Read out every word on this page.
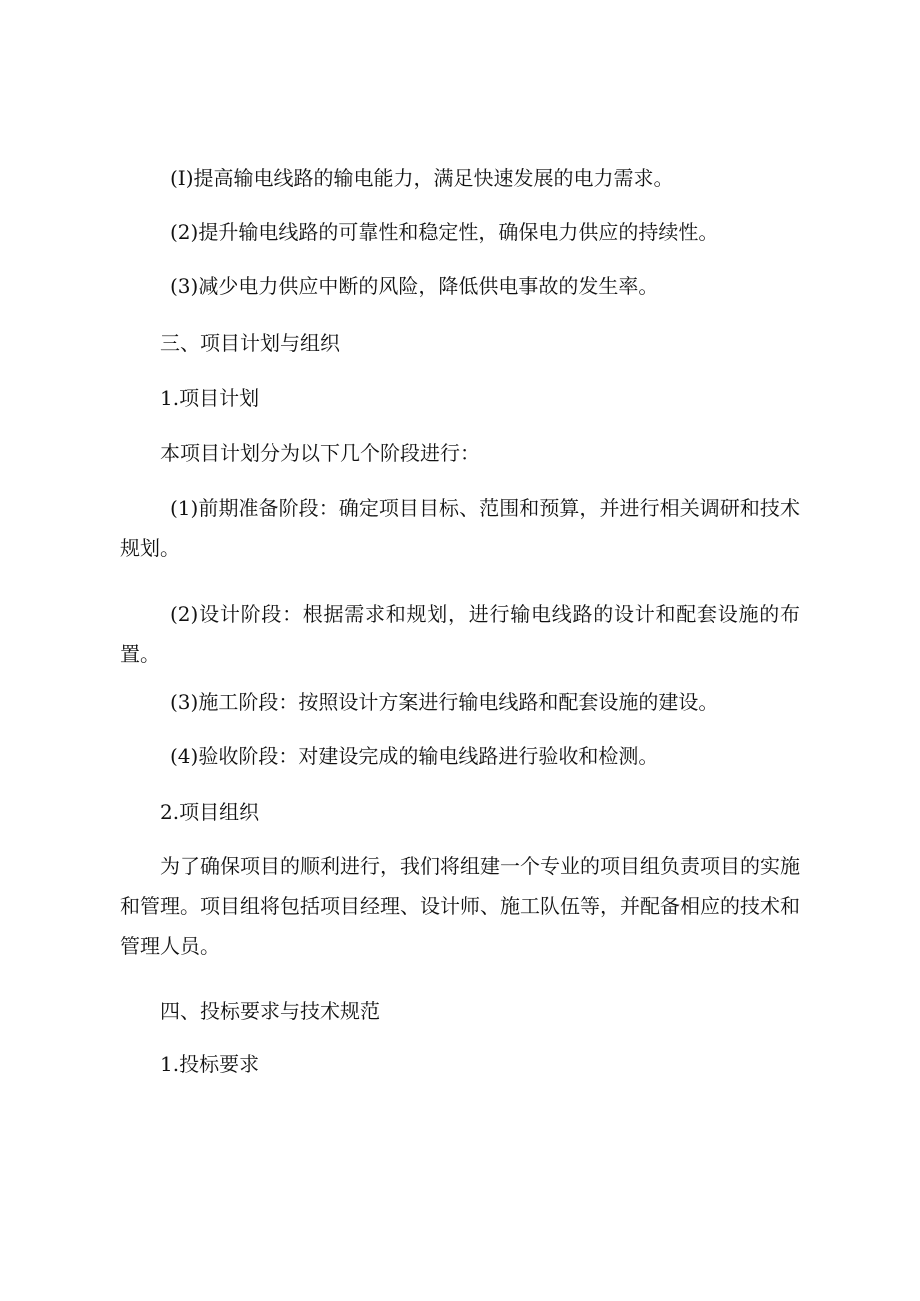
(I)提高输电线路的输电能力，满足快速发展的电力需求。

(2)提升输电线路的可靠性和稳定性，确保电力供应的持续性。

(3)减少电力供应中断的风险，降低供电事故的发生率。

三、项目计划与组织

1.项目计划

本项目计划分为以下几个阶段进行：

(1)前期准备阶段：确定项目目标、范围和预算，并进行相关调研和技术规划。

(2)设计阶段：根据需求和规划，进行输电线路的设计和配套设施的布置。

(3)施工阶段：按照设计方案进行输电线路和配套设施的建设。

(4)验收阶段：对建设完成的输电线路进行验收和检测。

2.项目组织

为了确保项目的顺利进行，我们将组建一个专业的项目组负责项目的实施和管理。项目组将包括项目经理、设计师、施工队伍等，并配备相应的技术和管理人员。

四、投标要求与技术规范

1.投标要求
